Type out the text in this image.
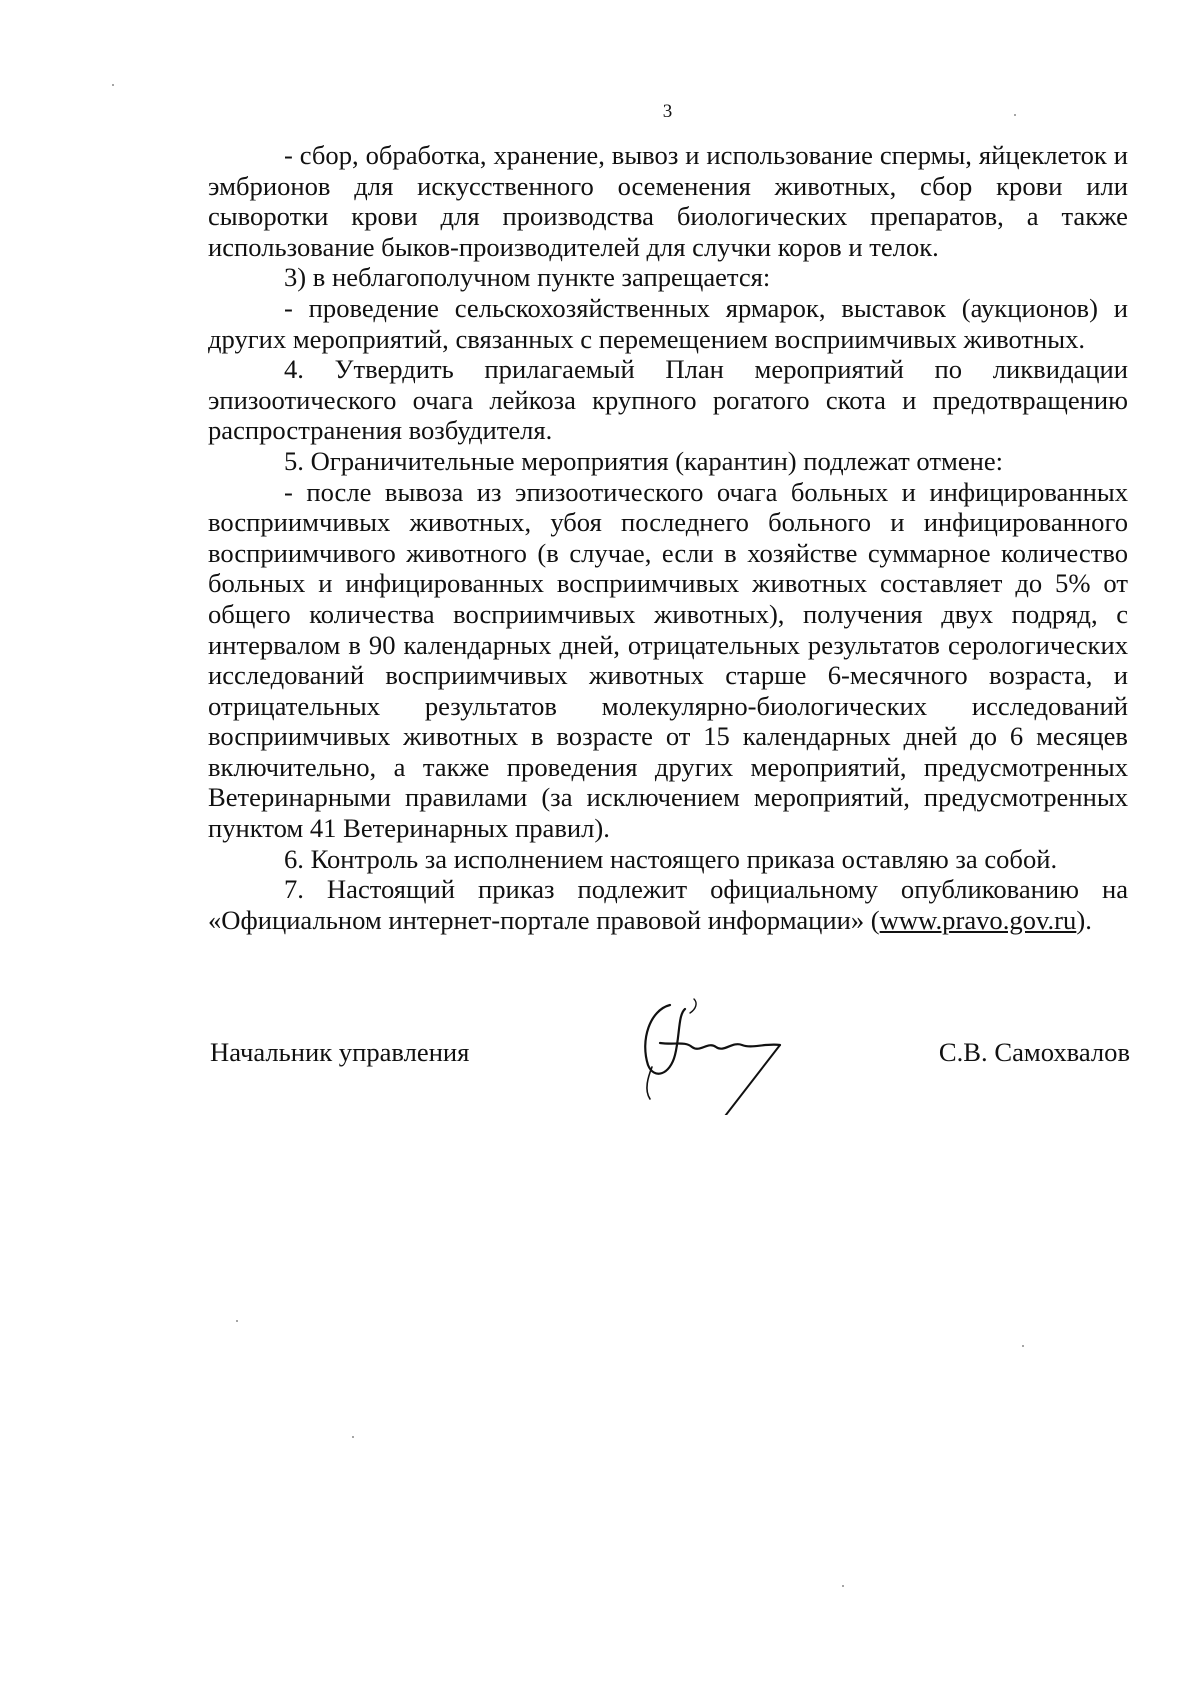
3

- сбор, обработка, хранение, вывоз и использование спермы, яйцеклеток и эмбрионов для искусственного осеменения животных, сбор крови или сыворотки крови для производства биологических препаратов, а также использование быков-производителей для случки коров и телок.

3) в неблагополучном пункте запрещается:

- проведение сельскохозяйственных ярмарок, выставок (аукционов) и других мероприятий, связанных с перемещением восприимчивых животных.

4. Утвердить прилагаемый План мероприятий по ликвидации эпизоотического очага лейкоза крупного рогатого скота и предотвращению распространения возбудителя.

5. Ограничительные мероприятия (карантин) подлежат отмене:

- после вывоза из эпизоотического очага больных и инфицированных восприимчивых животных, убоя последнего больного и инфицированного восприимчивого животного (в случае, если в хозяйстве суммарное количество больных и инфицированных восприимчивых животных составляет до 5% от общего количества восприимчивых животных), получения двух подряд, с интервалом в 90 календарных дней, отрицательных результатов серологических исследований восприимчивых животных старше 6-месячного возраста, и отрицательных результатов молекулярно-биологических исследований восприимчивых животных в возрасте от 15 календарных дней до 6 месяцев включительно, а также проведения других мероприятий, предусмотренных Ветеринарными правилами (за исключением мероприятий, предусмотренных пунктом 41 Ветеринарных правил).

6. Контроль за исполнением настоящего приказа оставляю за собой.

7. Настоящий приказ подлежит официальному опубликованию на «Официальном интернет-портале правовой информации» (www.pravo.gov.ru).

Начальник управления	С.В. Самохвалов
